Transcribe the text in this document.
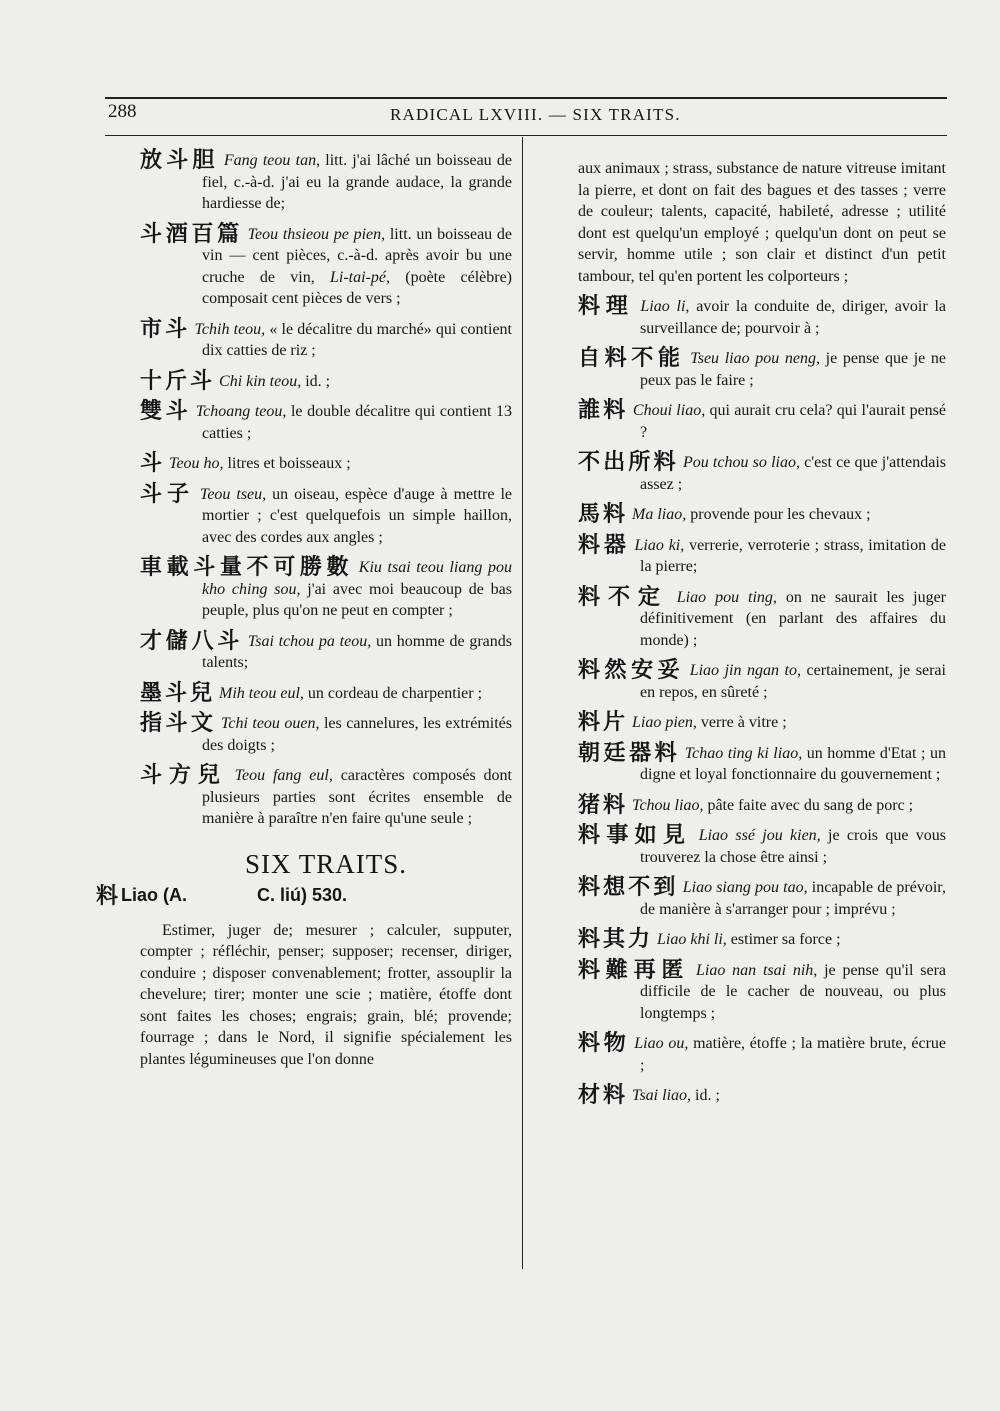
288	RADICAL LXVIII. — SIX TRAITS.

放斗胆 Fang teou tan, litt. j'ai lâché un boisseau de fiel, c.-à-d. j'ai eu la grande audace, la grande hardiesse de;

斗酒百篇 Teou thsieou pe pien, litt. un boisseau de vin — cent pièces, c.-à-d. après avoir bu une cruche de vin, Li-tai-pé, (poète célèbre) composait cent pièces de vers ;

市斗 Tchih teou, « le décalitre du marché» qui contient dix catties de riz ;

十斤斗 Chi kin teou, id. ;

雙斗 Tchoang teou, le double décalitre qui contient 13 catties ;

斗 Teou ho, litres et boisseaux ;

斗子 Teou tseu, un oiseau, espèce d'auge à mettre le mortier ; c'est quelquefois un simple haillon, avec des cordes aux angles ;

車載斗量不可勝數 Kiu tsai teou liang pou kho ching sou, j'ai avec moi beaucoup de bas peuple, plus qu'on ne peut en compter ;

才儲八斗 Tsai tchou pa teou, un homme de grands talents;

墨斗兒 Mih teou eul, un cordeau de charpentier ;

指斗文 Tchi teou ouen, les cannelures, les extrémités des doigts ;

斗方兒 Teou fang eul, caractères composés dont plusieurs parties sont écrites ensemble de manière à paraître n'en faire qu'une seule ;

SIX TRAITS.
料Liao (A.	C. liú) 530.

Estimer, juger de; mesurer ; calculer, supputer, compter ; réfléchir, penser; supposer; recenser, diriger, conduire ; disposer convenablement; frotter, assouplir la chevelure; tirer; monter une scie ; matière, étoffe dont sont faites les choses; engrais; grain, blé; provende; fourrage ; dans le Nord, il signifie spécialement les plantes légumineuses que l'on donne

aux animaux ; strass, substance de nature vitreuse imitant la pierre, et dont on fait des bagues et des tasses ; verre de couleur; talents, capacité, habileté, adresse ; utilité dont est quelqu'un employé ; quelqu'un dont on peut se servir, homme utile ; son clair et distinct d'un petit tambour, tel qu'en portent les colporteurs ;

料理 Liao li, avoir la conduite de, diriger, avoir la surveillance de; pourvoir à ;

自料不能 Tseu liao pou neng, je pense que je ne peux pas le faire ;

誰料 Choui liao, qui aurait cru cela? qui l'aurait pensé ?

不出所料 Pou tchou so liao, c'est ce que j'attendais assez ;

馬料 Ma liao, provende pour les chevaux ;

料器 Liao ki, verrerie, verroterie ; strass, imitation de la pierre;

料不定 Liao pou ting, on ne saurait les juger définitivement (en parlant des affaires du monde) ;

料然安妥 Liao jin ngan to, certainement, je serai en repos, en sûreté ;

料片 Liao pien, verre à vitre ;

朝廷器料 Tchao ting ki liao, un homme d'Etat ; un digne et loyal fonctionnaire du gouvernement ;

猪料 Tchou liao, pâte faite avec du sang de porc ;

料事如見 Liao ssé jou kien, je crois que vous trouverez la chose être ainsi ;

料想不到 Liao siang pou tao, incapable de prévoir, de manière à s'arranger pour ; imprévu ;

料其力 Liao khi li, estimer sa force ;

料難再匿 Liao nan tsai nih, je pense qu'il sera difficile de le cacher de nouveau, ou plus longtemps ;

料物 Liao ou, matière, étoffe ; la matière brute, écrue ;

材料 Tsai liao, id. ;
